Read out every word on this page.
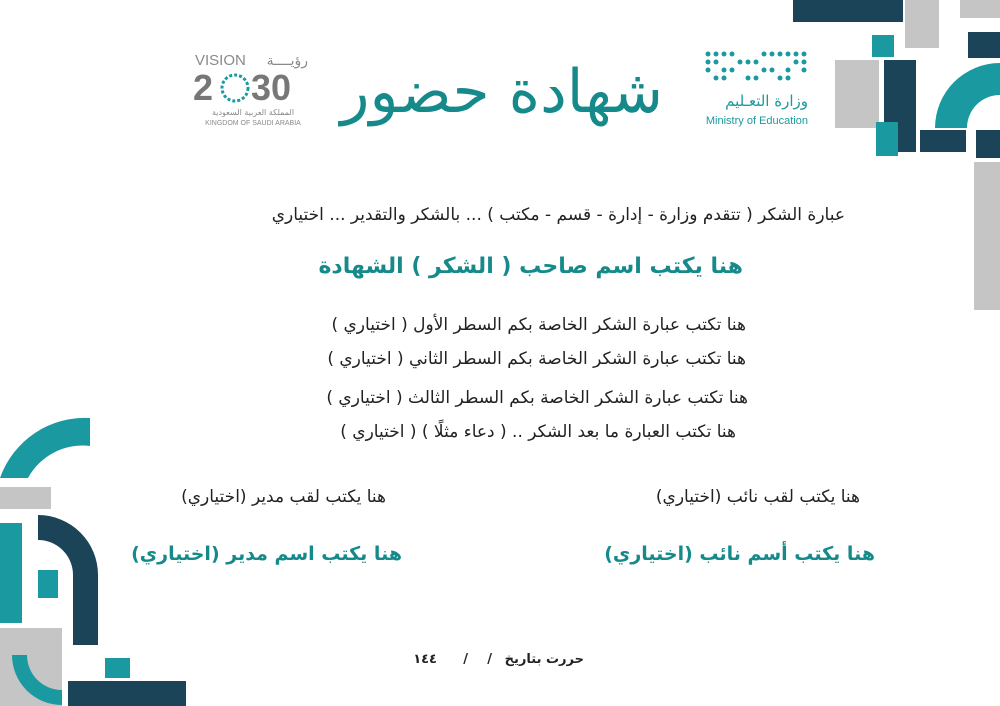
VISION رؤيــــة
2 30
المملكة العربية السعودية
KINGDOM OF SAUDI ARABIA شهادة حضور	وزارة التعـليم
Ministry of Education
عبارة الشكر ( تتقدم وزارة - إدارة - قسم - مكتب ) ... بالشكر والتقدير ... اختياري
هنا يكتب اسم صاحب ( الشكر ) الشهادة
هنا تكتب عبارة الشكر الخاصة بكم السطر الأول ( اختياري )
هنا تكتب عبارة الشكر الخاصة بكم السطر الثاني ( اختياري )
هنا تكتب عبارة الشكر الخاصة بكم السطر الثالث ( اختياري )
هنا تكتب العبارة ما بعد الشكر .. ( دعاء مثلًا ) ( اختياري )
هنا يكتب لقب نائب (اختياري)
هنا يكتب أسم نائب (اختياري)
هنا يكتب لقب مدير (اختياري)
هنا يكتب اسم مدير (اختياري)
حررت بتاريخ
/
/
١٤٤
